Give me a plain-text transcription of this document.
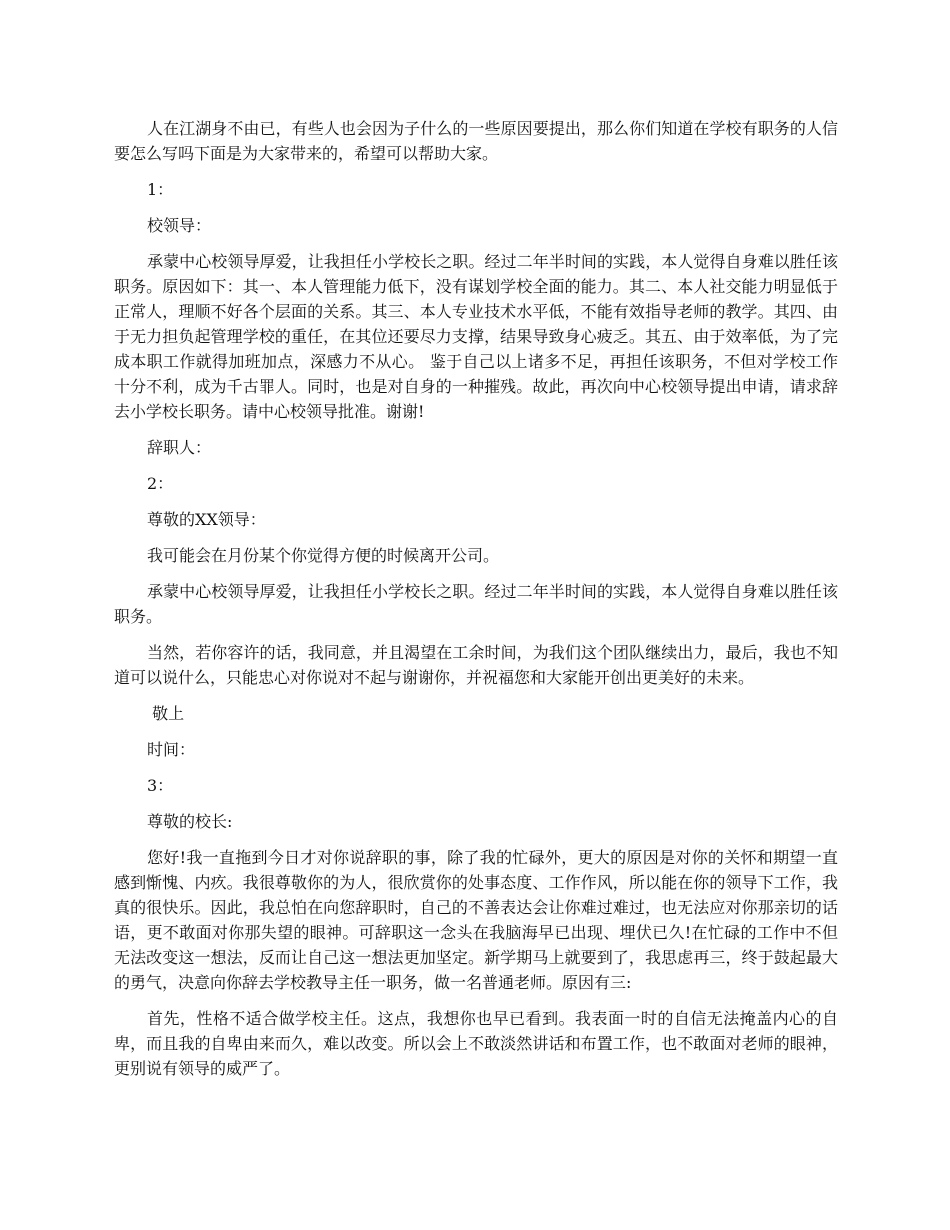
人在江湖身不由已，有些人也会因为子什么的一些原因要提出，那么你们知道在学校有职务的人信要怎么写吗下面是为大家带来的，希望可以帮助大家。

1：

校领导：

承蒙中心校领导厚爱，让我担任小学校长之职。经过二年半时间的实践，本人觉得自身难以胜任该职务。原因如下：其一、本人管理能力低下，没有谋划学校全面的能力。其二、本人社交能力明显低于正常人，理顺不好各个层面的关系。其三、本人专业技术水平低，不能有效指导老师的教学。其四、由于无力担负起管理学校的重任，在其位还要尽力支撑，结果导致身心疲乏。其五、由于效率低，为了完成本职工作就得加班加点，深感力不从心。 鉴于自己以上诸多不足，再担任该职务，不但对学校工作十分不利，成为千古罪人。同时，也是对自身的一种摧残。故此，再次向中心校领导提出申请，请求辞去小学校长职务。请中心校领导批准。谢谢!

辞职人：

2：

尊敬的XX领导：

我可能会在月份某个你觉得方便的时候离开公司。

承蒙中心校领导厚爱，让我担任小学校长之职。经过二年半时间的实践，本人觉得自身难以胜任该职务。

当然，若你容许的话，我同意，并且渴望在工余时间，为我们这个团队继续出力，最后，我也不知道可以说什么，只能忠心对你说对不起与谢谢你，并祝福您和大家能开创出更美好的未来。

敬上

时间：

3：

尊敬的校长:

您好!我一直拖到今日才对你说辞职的事，除了我的忙碌外，更大的原因是对你的关怀和期望一直感到惭愧、内疚。我很尊敬你的为人，很欣赏你的处事态度、工作作风，所以能在你的领导下工作，我真的很快乐。因此，我总怕在向您辞职时，自己的不善表达会让你难过难过，也无法应对你那亲切的话语，更不敢面对你那失望的眼神。可辞职这一念头在我脑海早已出现、埋伏已久!在忙碌的工作中不但无法改变这一想法，反而让自己这一想法更加坚定。新学期马上就要到了，我思虑再三，终于鼓起最大的勇气，决意向你辞去学校教导主任一职务，做一名普通老师。原因有三:

首先，性格不适合做学校主任。这点，我想你也早已看到。我表面一时的自信无法掩盖内心的自卑，而且我的自卑由来而久，难以改变。所以会上不敢淡然讲话和布置工作，也不敢面对老师的眼神，更别说有领导的威严了。
